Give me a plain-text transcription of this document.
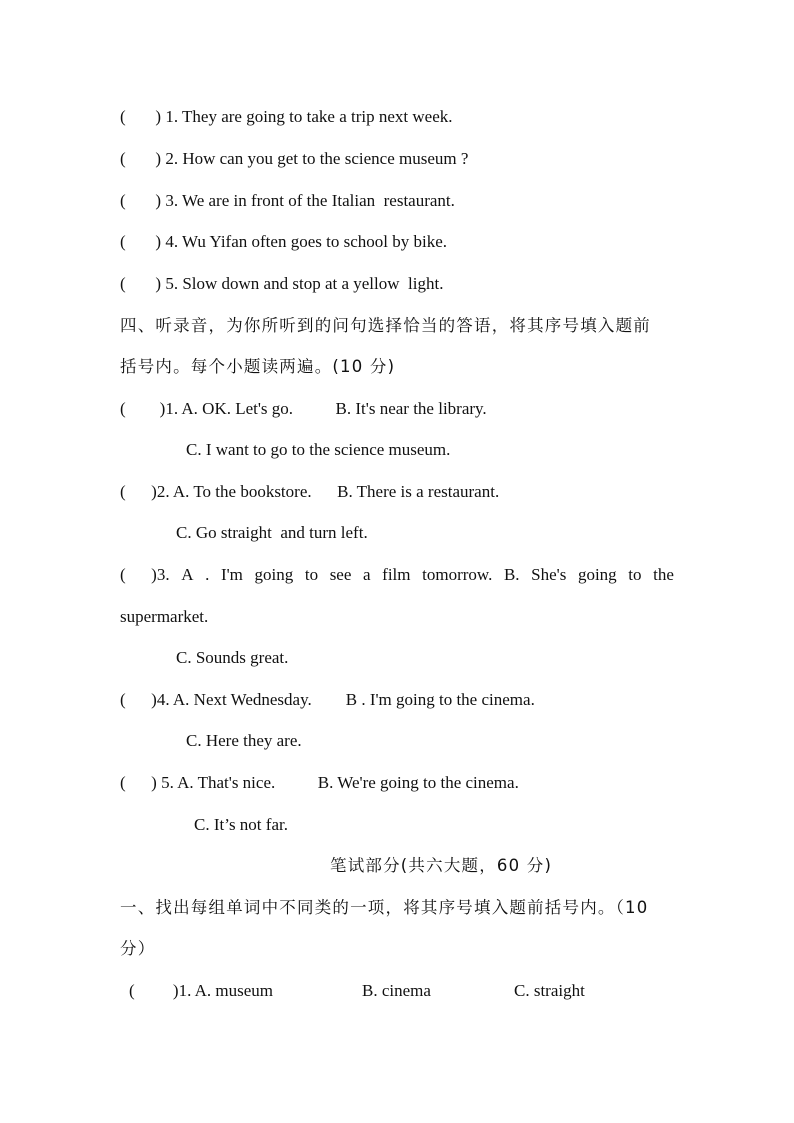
(       ) 1. They are going to take a trip next week.
(       ) 2. How can you get to the science museum ?
(       ) 3. We are in front of the Italian  restaurant.
(       ) 4. Wu Yifan often goes to school by bike.
(       ) 5. Slow down and stop at a yellow  light.
四、听录音，为你所听到的问句选择恰当的答语，将其序号填入题前
括号内。每个小题读两遍。(10 分)
(        )1. A. OK. Let's go.          B. It's near the library.
C. I want to go to the science museum.
(      )2. A. To the bookstore.      B. There is a restaurant.
C. Go straight  and turn left.
(      )3. A . I'm going to see a film tomorrow. B. She's going to the
supermarket.
C. Sounds great.
(      )4. A. Next Wednesday.        B . I'm going to the cinema.
C. Here they are.
(      ) 5. A. That's nice.          B. We're going to the cinema.
C. It’s not far.
笔试部分(共六大题，60 分)
一、找出每组单词中不同类的一项，将其序号填入题前括号内。（10
分）
(         )1. A. museum	B. cinema	C. straight
